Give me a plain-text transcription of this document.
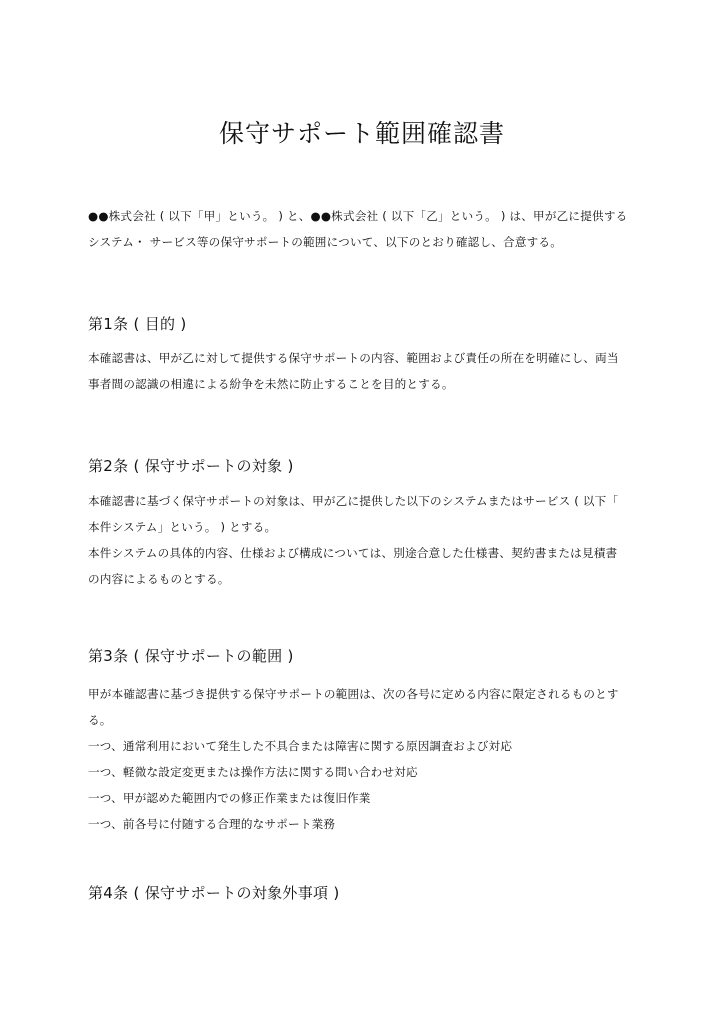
保守サポート範囲確認書
●●株式会社 ( 以下「甲」という。 ) と、●●株式会社 ( 以下「乙」という。 ) は、甲が乙に提供する
システム・ サービス等の保守サポートの範囲について、以下のとおり確認し、合意する。
第1条 ( 目的 )
本確認書は、甲が乙に対して提供する保守サポートの内容、範囲および責任の所在を明確にし、両当
事者間の認識の相違による紛争を未然に防止することを目的とする。
第2条 ( 保守サポートの対象 )
本確認書に基づく保守サポートの対象は、甲が乙に提供した以下のシステムまたはサービス ( 以下「
本件システム」という。 ) とする。
本件システムの具体的内容、仕様および構成については、別途合意した仕様書、契約書または見積書
の内容によるものとする。
第3条 ( 保守サポートの範囲 )
甲が本確認書に基づき提供する保守サポートの範囲は、次の各号に定める内容に限定されるものとす
る。
一つ、通常利用において発生した不具合または障害に関する原因調査および対応
一つ、軽微な設定変更または操作方法に関する問い合わせ対応
一つ、甲が認めた範囲内での修正作業または復旧作業
一つ、前各号に付随する合理的なサポート業務
第4条 ( 保守サポートの対象外事項 )
